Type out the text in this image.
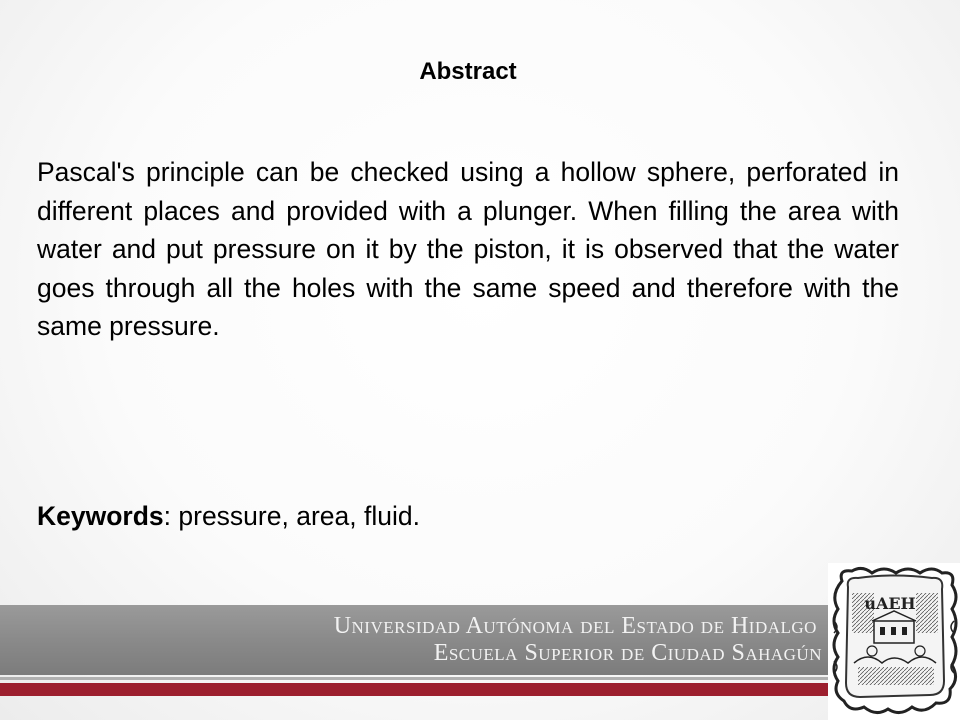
Abstract
Pascal's principle can be checked using a hollow sphere, perforated in different places and provided with a plunger. When filling the area with water and put pressure on it by the piston, it is observed that the water goes through all the holes with the same speed and therefore with the same pressure.
Keywords: pressure, area, fluid.
Universidad Autónoma del Estado de Hidalgo
Escuela Superior de Ciudad Sahagún
uAEH
